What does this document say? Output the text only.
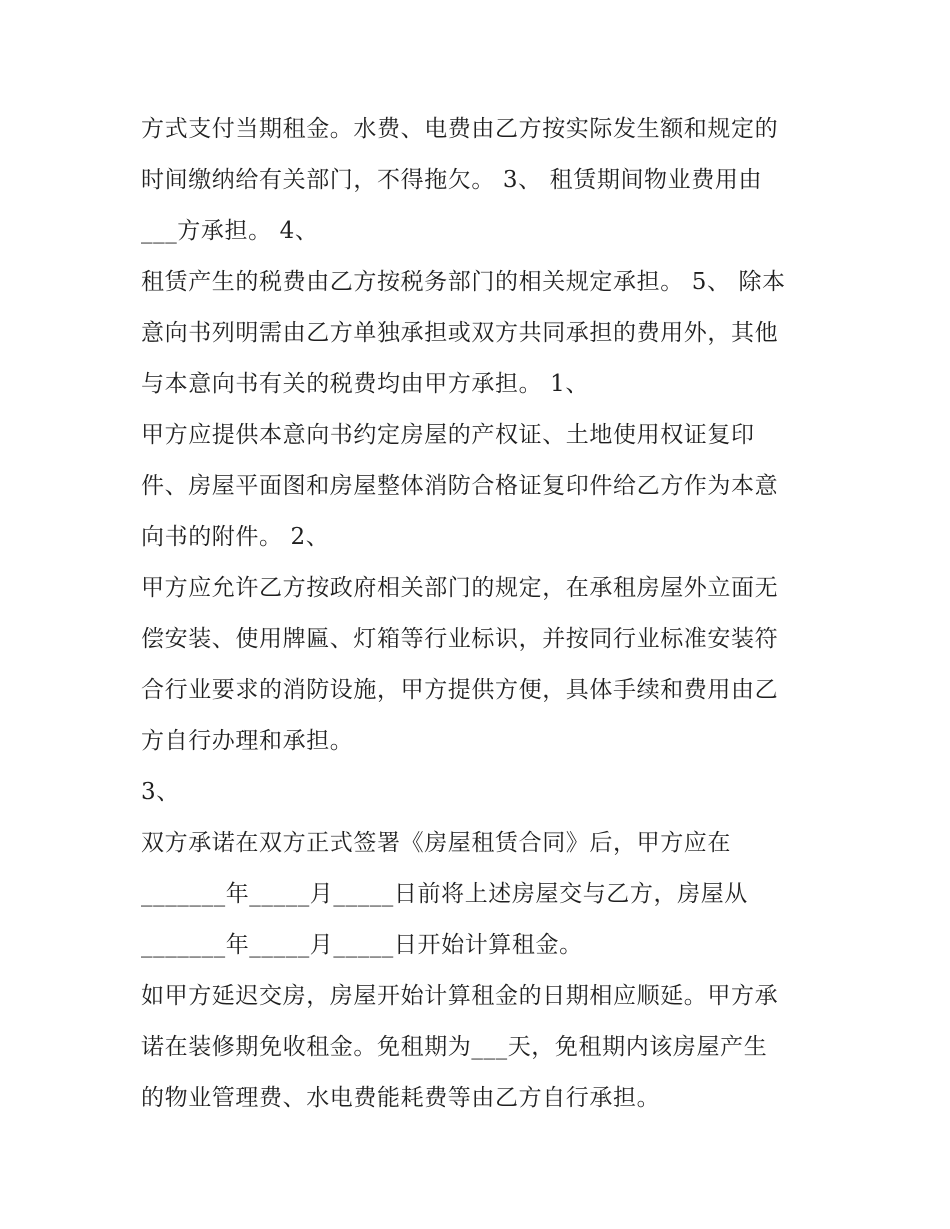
方式支付当期租金。水费、电费由乙方按实际发生额和规定的
时间缴纳给有关部门，不得拖欠。 3、 租赁期间物业费用由
___方承担。 4、
租赁产生的税费由乙方按税务部门的相关规定承担。 5、 除本
意向书列明需由乙方单独承担或双方共同承担的费用外，其他
与本意向书有关的税费均由甲方承担。 1、
甲方应提供本意向书约定房屋的产权证、土地使用权证复印
件、房屋平面图和房屋整体消防合格证复印件给乙方作为本意
向书的附件。 2、
甲方应允许乙方按政府相关部门的规定，在承租房屋外立面无
偿安装、使用牌匾、灯箱等行业标识，并按同行业标准安装符
合行业要求的消防设施，甲方提供方便，具体手续和费用由乙
方自行办理和承担。
3、
双方承诺在双方正式签署《房屋租赁合同》后，甲方应在
_______年_____月_____日前将上述房屋交与乙方，房屋从
_______年_____月_____日开始计算租金。
如甲方延迟交房，房屋开始计算租金的日期相应顺延。甲方承
诺在装修期免收租金。免租期为___天，免租期内该房屋产生
的物业管理费、水电费能耗费等由乙方自行承担。
